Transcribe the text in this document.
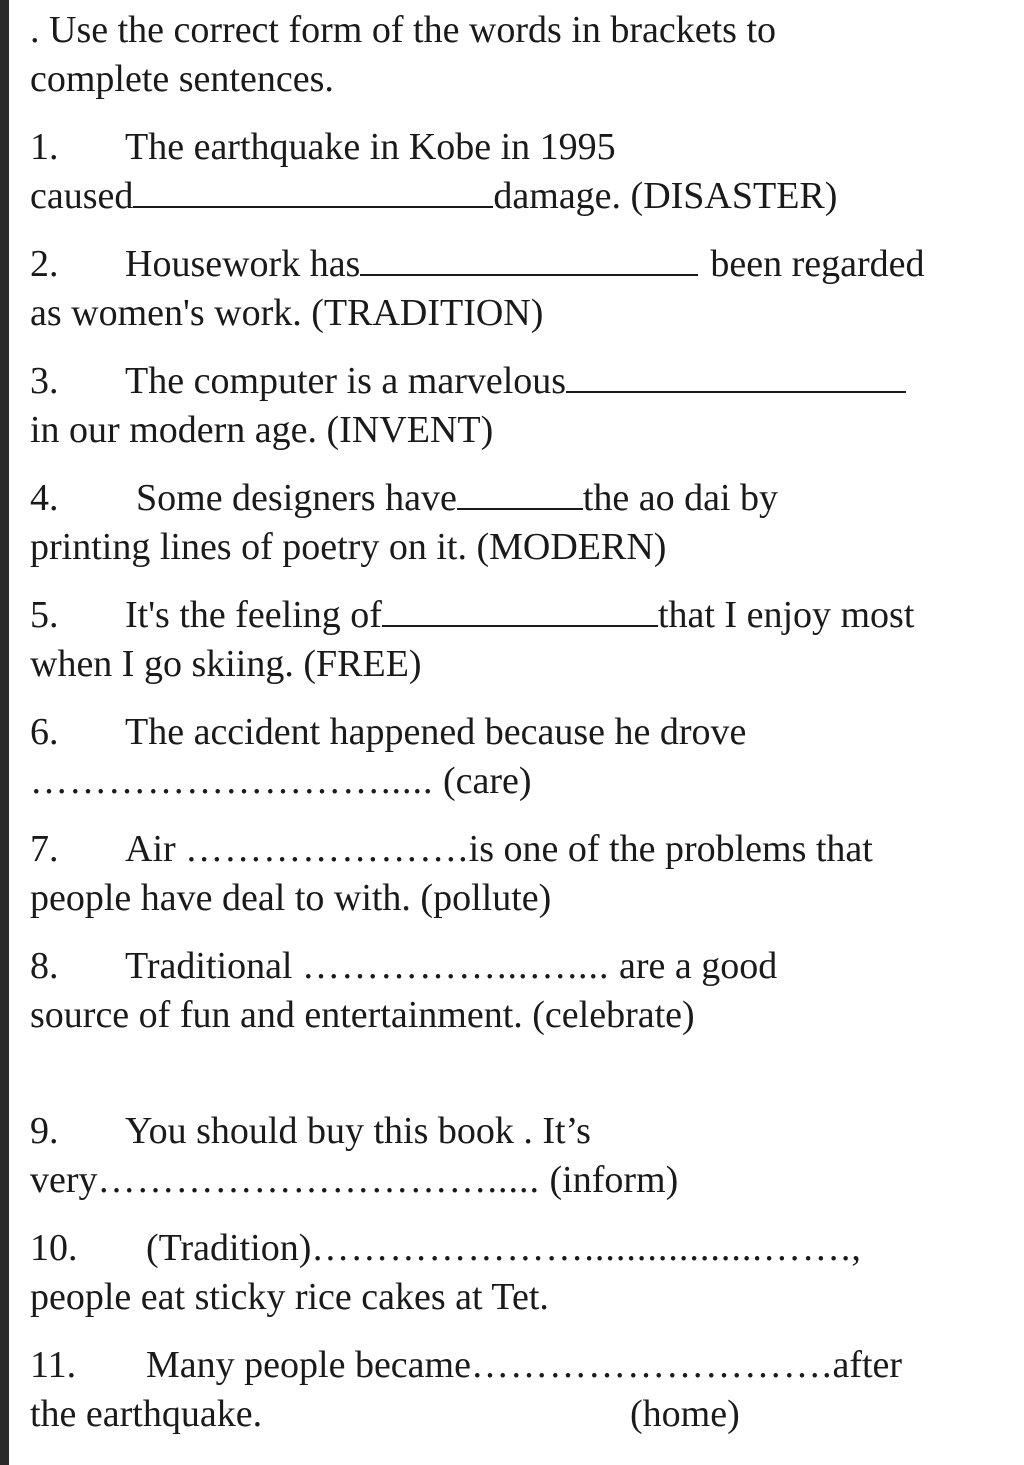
. Use the correct form of the words in brackets to
complete sentences.
1. The earthquake in Kobe in 1995
caused	damage. (DISASTER)
2. Housework has	been regarded
as women's work. (TRADITION)
3. The computer is a marvelous
in our modern age. (INVENT)
4. Some designers have	the ao dai by
printing lines of poetry on it. (MODERN)
5. It's the feeling of	that I enjoy most
when I go skiing. (FREE)
6. The accident happened because he drove
………………………..... (care)
7. Air ………………….is one of the problems that
people have deal to with. (pollute)
8. Traditional ……………...….... are a good
source of fun and entertainment. (celebrate)
9. You should buy this book . It’s
very…………………………..... (inform)
10. (Tradition)………………….................…….,
people eat sticky rice cakes at Tet.
11. Many people became……………………….after
the earthquake.	(home)
